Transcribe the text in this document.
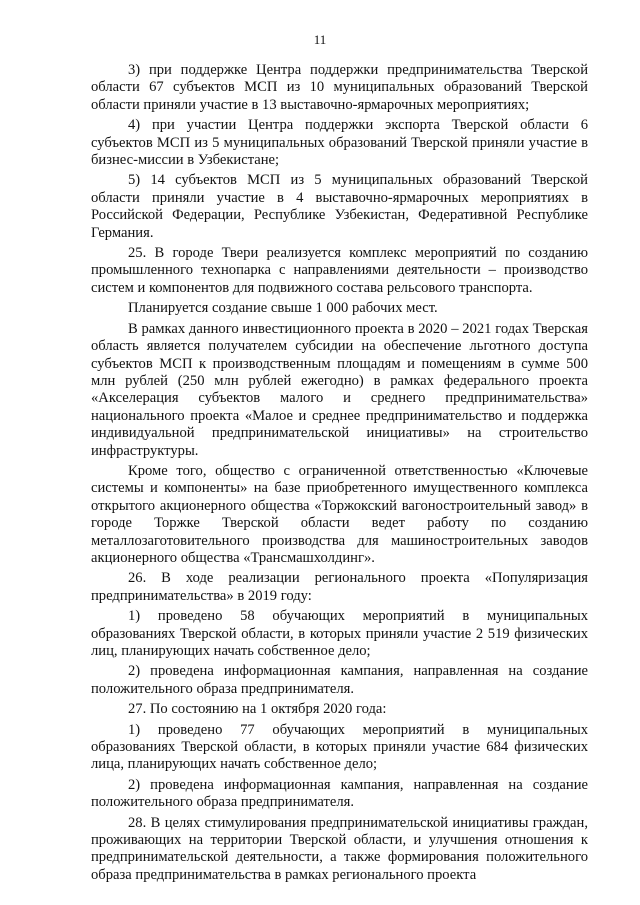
11

3) при поддержке Центра поддержки предпринимательства Тверской области 67 субъектов МСП из 10 муниципальных образований Тверской области приняли участие в 13 выставочно-ярмарочных мероприятиях;

4) при участии Центра поддержки экспорта Тверской области 6 субъектов МСП из 5 муниципальных образований Тверской приняли участие в бизнес-миссии в Узбекистане;

5) 14 субъектов МСП из 5 муниципальных образований Тверской области приняли участие в 4 выставочно-ярмарочных мероприятиях в Российской Федерации, Республике Узбекистан, Федеративной Республике Германия.

25. В городе Твери реализуется комплекс мероприятий по созданию промышленного технопарка с направлениями деятельности – производство систем и компонентов для подвижного состава рельсового транспорта.

Планируется создание свыше 1 000 рабочих мест.

В рамках данного инвестиционного проекта в 2020 – 2021 годах Тверская область является получателем субсидии на обеспечение льготного доступа субъектов МСП к производственным площадям и помещениям в сумме 500 млн рублей (250 млн рублей ежегодно) в рамках федерального проекта «Акселерация субъектов малого и среднего предпринимательства» национального проекта «Малое и среднее предпринимательство и поддержка индивидуальной предпринимательской инициативы» на строительство инфраструктуры.

Кроме того, общество с ограниченной ответственностью «Ключевые системы и компоненты» на базе приобретенного имущественного комплекса открытого акционерного общества «Торжокский вагоностроительный завод» в городе Торжке Тверской области ведет работу по созданию металлозаготовительного производства для машиностроительных заводов акционерного общества «Трансмашхолдинг».

26. В ходе реализации регионального проекта «Популяризация предпринимательства» в 2019 году:

1) проведено 58 обучающих мероприятий в муниципальных образованиях Тверской области, в которых приняли участие 2 519 физических лиц, планирующих начать собственное дело;

2) проведена информационная кампания, направленная на создание положительного образа предпринимателя.

27. По состоянию на 1 октября 2020 года:

1) проведено 77 обучающих мероприятий в муниципальных образованиях Тверской области, в которых приняли участие 684 физических лица, планирующих начать собственное дело;

2) проведена информационная кампания, направленная на создание положительного образа предпринимателя.

28. В целях стимулирования предпринимательской инициативы граждан, проживающих на территории Тверской области, и улучшения отношения к предпринимательской деятельности, а также формирования положительного образа предпринимательства в рамках регионального проекта
